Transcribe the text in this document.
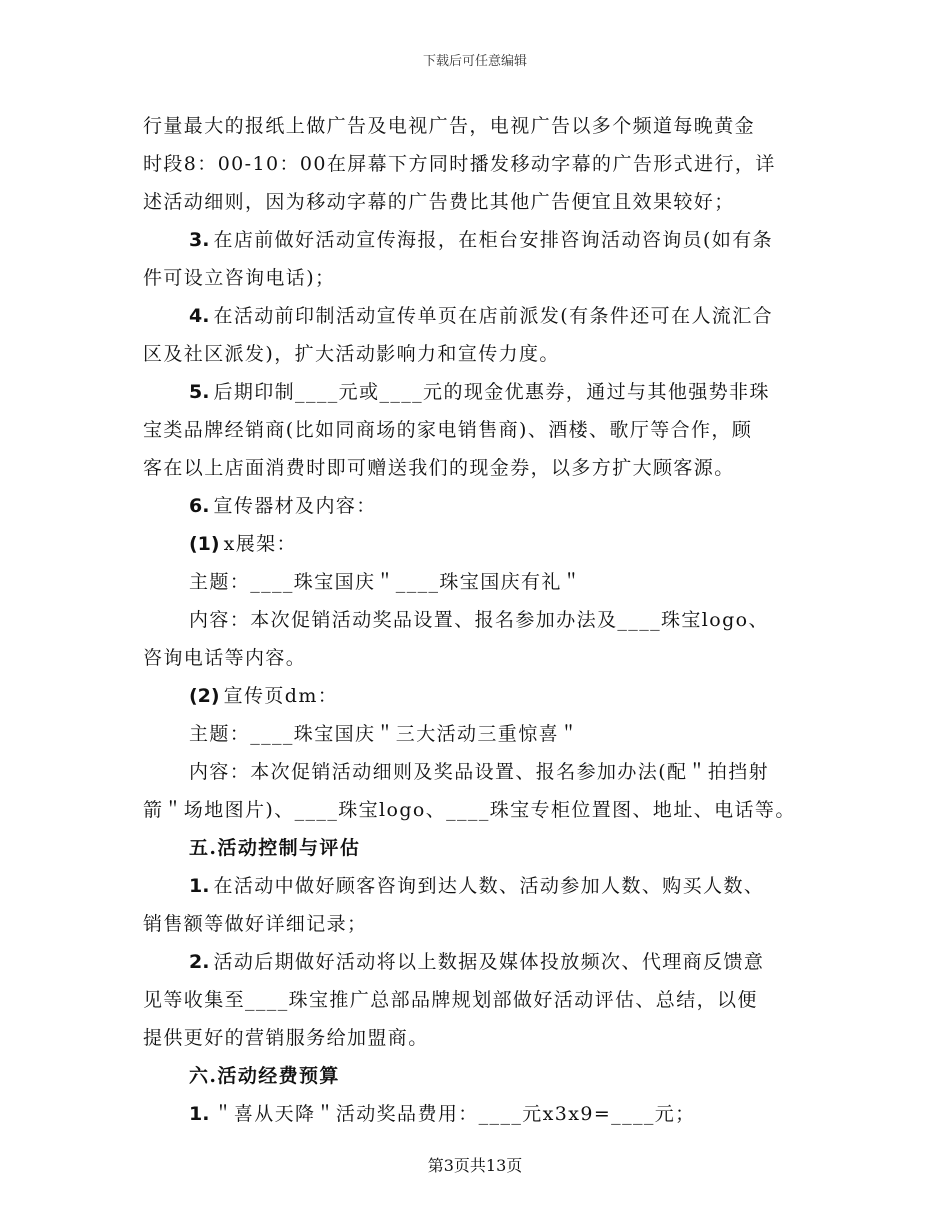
下载后可任意编辑

行量最大的报纸上做广告及电视广告，电视广告以多个频道每晚黄金

时段8：00-10：00在屏幕下方同时播发移动字幕的广告形式进行，详

述活动细则，因为移动字幕的广告费比其他广告便宜且效果较好；

3. 在店前做好活动宣传海报，在柜台安排咨询活动咨询员(如有条

件可设立咨询电话)；

4. 在活动前印制活动宣传单页在店前派发(有条件还可在人流汇合

区及社区派发)，扩大活动影响力和宣传力度。

5. 后期印制____元或____元的现金优惠券，通过与其他强势非珠

宝类品牌经销商(比如同商场的家电销售商)、酒楼、歌厅等合作，顾

客在以上店面消费时即可赠送我们的现金券，以多方扩大顾客源。

6. 宣传器材及内容：

(1) x展架：

主题：____珠宝国庆＂____珠宝国庆有礼＂

内容：本次促销活动奖品设置、报名参加办法及____珠宝logo、

咨询电话等内容。

(2) 宣传页dm：

主题：____珠宝国庆＂三大活动三重惊喜＂

内容：本次促销活动细则及奖品设置、报名参加办法(配＂拍挡射

箭＂场地图片)、____珠宝logo、____珠宝专柜位置图、地址、电话等。

五.活动控制与评估

1. 在活动中做好顾客咨询到达人数、活动参加人数、购买人数、

销售额等做好详细记录；

2. 活动后期做好活动将以上数据及媒体投放频次、代理商反馈意

见等收集至____珠宝推广总部品牌规划部做好活动评估、总结，以便

提供更好的营销服务给加盟商。

六.活动经费预算

1. ＂喜从天降＂活动奖品费用：____元x3x9=____元；

第3页共13页
